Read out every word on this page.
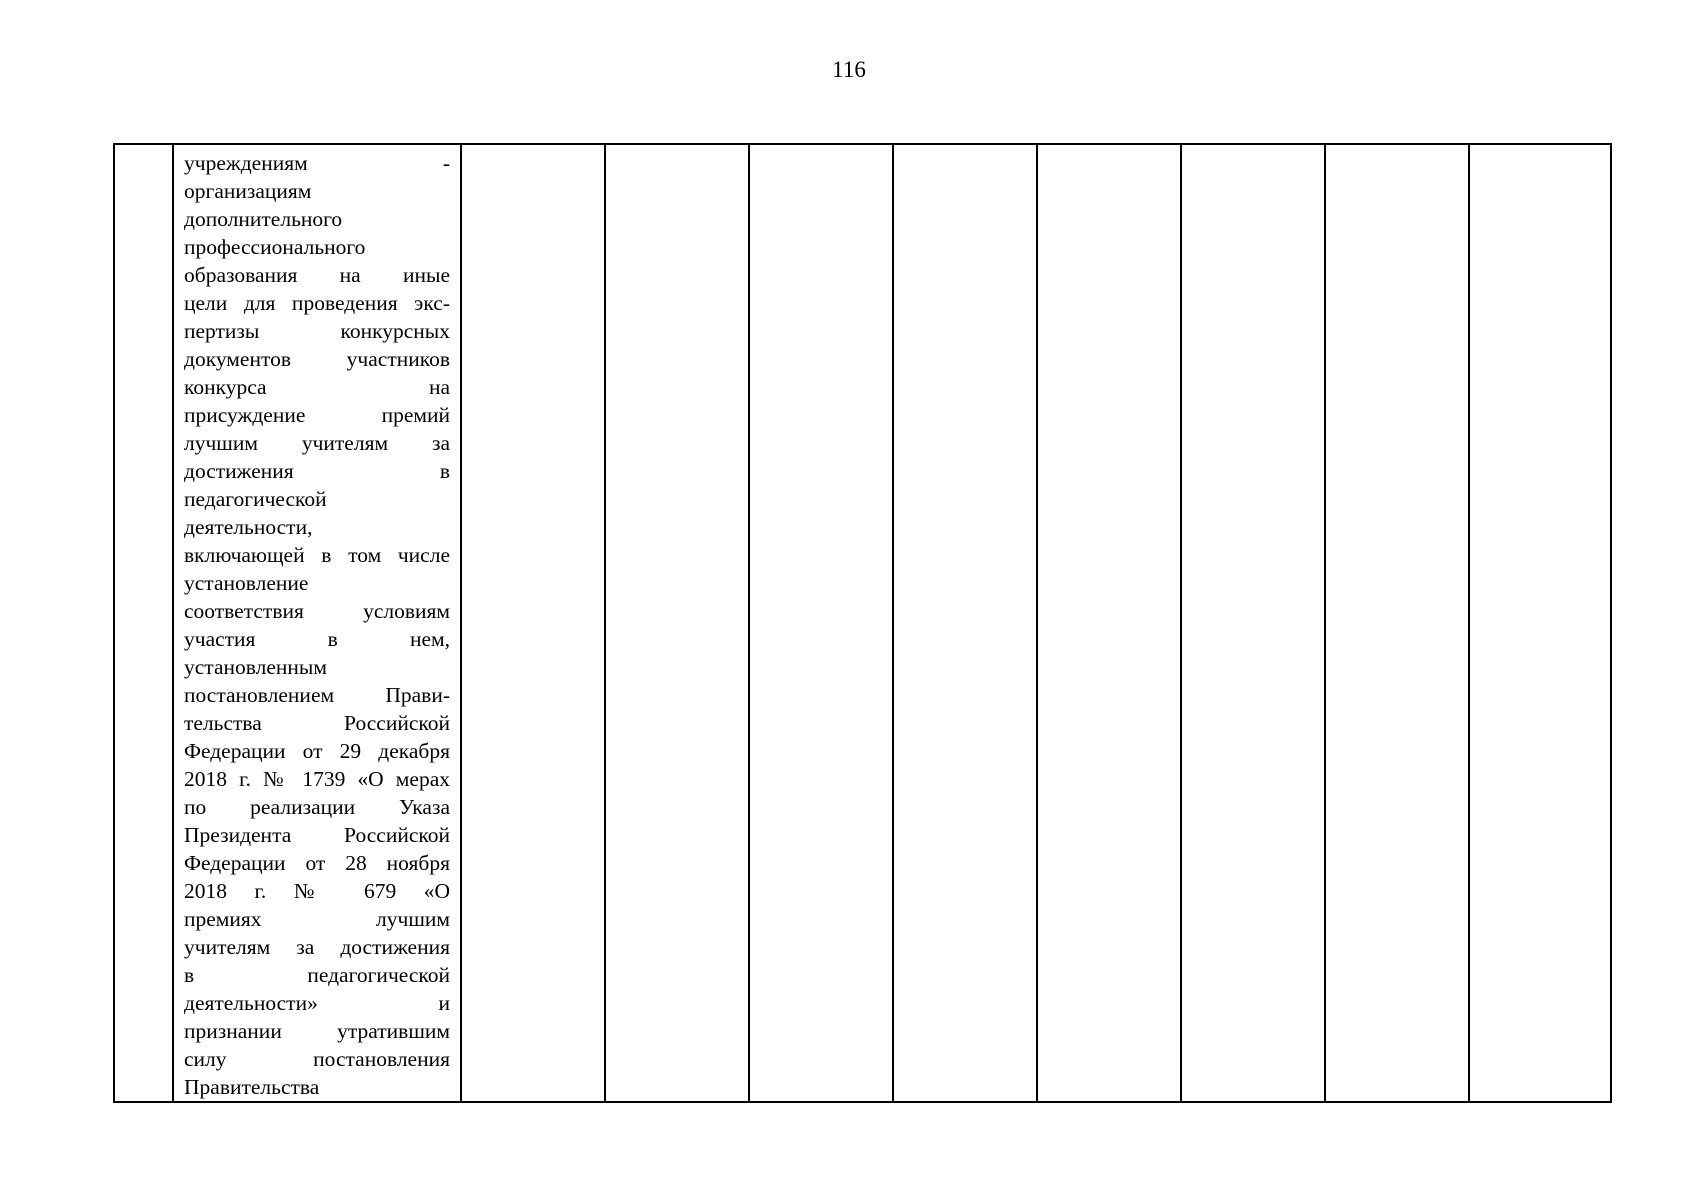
116

учреждениям -
организациям
дополнительного
профессионального
образования на иные
цели для проведения экс-
пертизы конкурсных
документов участников
конкурса на
присуждение премий
лучшим учителям за
достижения в
педагогической
деятельности,
включающей в том числе
установление
соответствия условиям
участия в нем,
установленным
постановлением Прави-
тельства Российской
Федерации от 29 декабря
2018 г. № 1739 «О мерах
по реализации Указа
Президента Российской
Федерации от 28 ноября
2018 г. № 679 «О
премиях лучшим
учителям за достижения
в педагогической
деятельности» и
признании утратившим
силу постановления
Правительства
